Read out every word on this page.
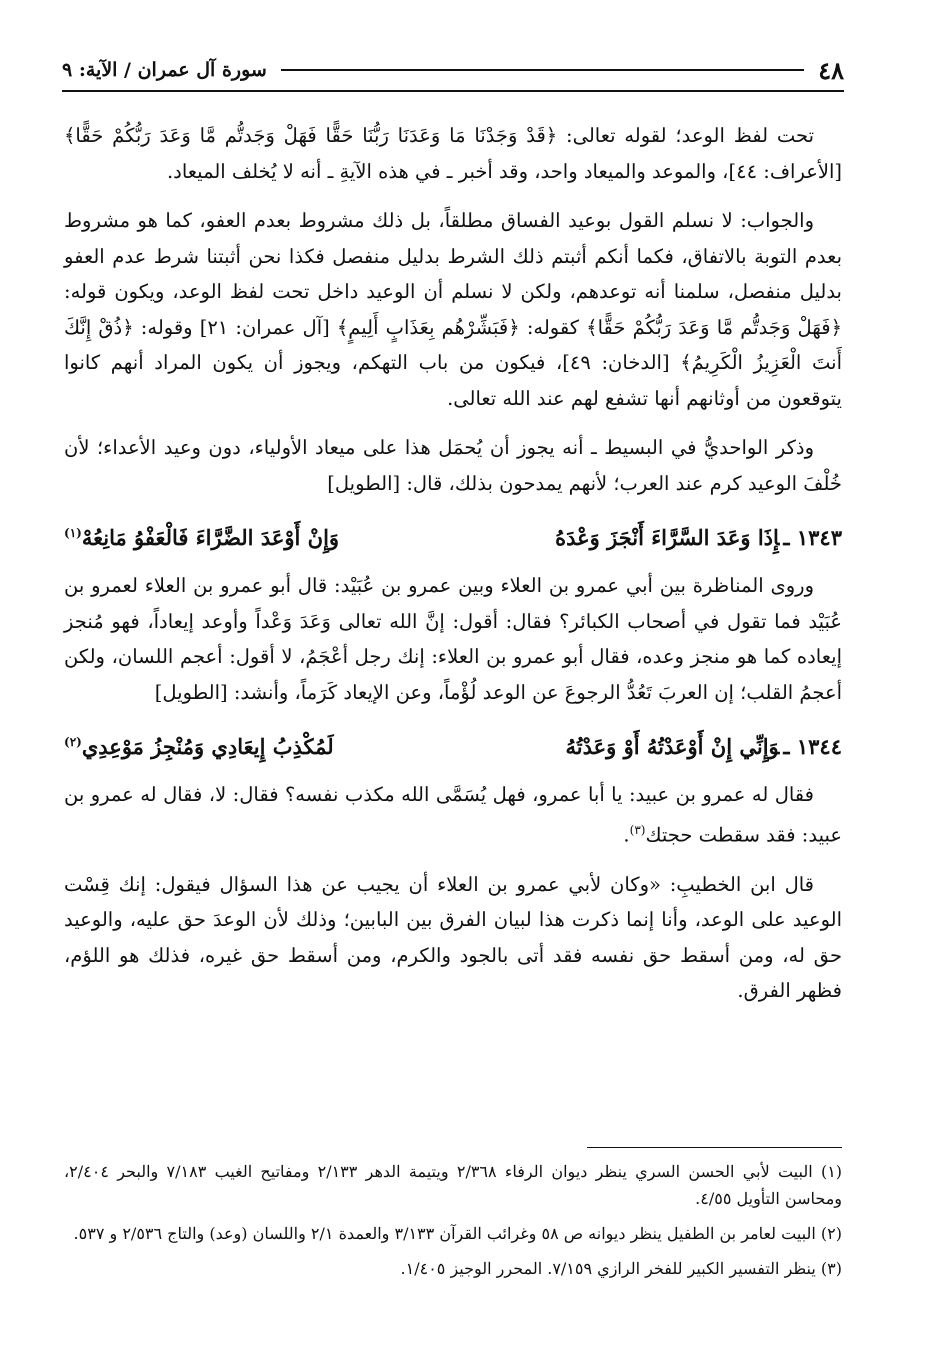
٤٨
سورة آل عمران / الآية: ٩

تحت لفظ الوعد؛ لقوله تعالى: ﴿قَدْ وَجَدْنَا مَا وَعَدَنَا رَبُّنَا حَقًّا فَهَلْ وَجَدتُّم مَّا وَعَدَ رَبُّكُمْ حَقًّا﴾ [الأعراف: ٤٤]، والموعد والميعاد واحد، وقد أخبر ـ في هذه الآيةِ ـ أنه لا يُخلف الميعاد.

والجواب: لا نسلم القول بوعيد الفساق مطلقاً، بل ذلك مشروط بعدم العفو، كما هو مشروط بعدم التوبة بالاتفاق، فكما أنكم أثبتم ذلك الشرط بدليل منفصل فكذا نحن أثبتنا شرط عدم العفو بدليل منفصل، سلمنا أنه توعدهم، ولكن لا نسلم أن الوعيد داخل تحت لفظ الوعد، ويكون قوله: ﴿فَهَلْ وَجَدتُّم مَّا وَعَدَ رَبُّكُمْ حَقًّا﴾ كقوله: ﴿فَبَشِّرْهُم بِعَذَابٍ أَلِيمٍ﴾ [آل عمران: ٢١] وقوله: ﴿ذُقْ إِنَّكَ أَنتَ الْعَزِيزُ الْكَرِيمُ﴾ [الدخان: ٤٩]، فيكون من باب التهكم، ويجوز أن يكون المراد أنهم كانوا يتوقعون من أوثانهم أنها تشفع لهم عند الله تعالى.

وذكر الواحديُّ في البسيط ـ أنه يجوز أن يُحمَل هذا على ميعاد الأولياء، دون وعيد الأعداء؛ لأن خُلْفَ الوعيد كرم عند العرب؛ لأنهم يمدحون بذلك، قال: [الطويل]

١٣٤٣ ـإِذَا وَعَدَ السَّرَّاءَ أَنْجَزَ وَعْدَهُ
وَإِنْ أَوْعَدَ الضَّرَّاءَ فَالْعَفْوُ مَانِعُهْ$^{(١)}$

وروى المناظرة بين أبي عمرو بن العلاء وبين عمرو بن عُبَيْد: قال أبو عمرو بن العلاء لعمرو بن عُبَيْد فما تقول في أصحاب الكبائر؟ فقال: أقول: إنَّ الله تعالى وَعَدَ وَعْداً وأوعد إيعاداً، فهو مُنجز إيعاده كما هو منجز وعده، فقال أبو عمرو بن العلاء: إنك رجل أعْجَمُ، لا أقول: أعجم اللسان، ولكن أعجمُ القلب؛ إن العربَ تَعُدُّ الرجوعَ عن الوعد لُؤْماً، وعن الإيعاد كَرَماً، وأنشد: [الطويل]

١٣٤٤ ـوَإِنِّي إِنْ أَوْعَدْتُهُ أَوْ وَعَدْتُهُ
لَمُكْذِبُ إِيعَادِي وَمُنْجِزُ مَوْعِدِي$^{(٢)}$

فقال له عمرو بن عبيد: يا أبا عمرو، فهل يُسَمَّى الله مكذب نفسه؟ فقال: لا، فقال له عمرو بن عبيد: فقد سقطت حجتك$^{(٣)}$.

قال ابن الخطيبِ: «وكان لأبي عمرو بن العلاء أن يجيب عن هذا السؤال فيقول: إنك قِسْت الوعيد على الوعد، وأنا إنما ذكرت هذا لبيان الفرق بين البابين؛ وذلك لأن الوعدَ حق عليه، والوعيد حق له، ومن أسقط حق نفسه فقد أتى بالجود والكرم، ومن أسقط حق غيره، فذلك هو اللؤم، فظهر الفرق.

(١) البيت لأبي الحسن السري ينظر ديوان الرفاء ٢/٣٦٨ ويتيمة الدهر ٢/١٣٣ ومفاتيح الغيب ٧/١٨٣ والبحر ٢/٤٠٤، ومحاسن التأويل ٤/٥٥.

(٢) البيت لعامر بن الطفيل ينظر ديوانه ص ٥٨ وغرائب القرآن ٣/١٣٣ والعمدة ٢/١ واللسان (وعد) والتاج ٢/٥٣٦ و ٥٣٧.

(٣) ينظر التفسير الكبير للفخر الرازي ٧/١٥٩. المحرر الوجيز ١/٤٠٥.
